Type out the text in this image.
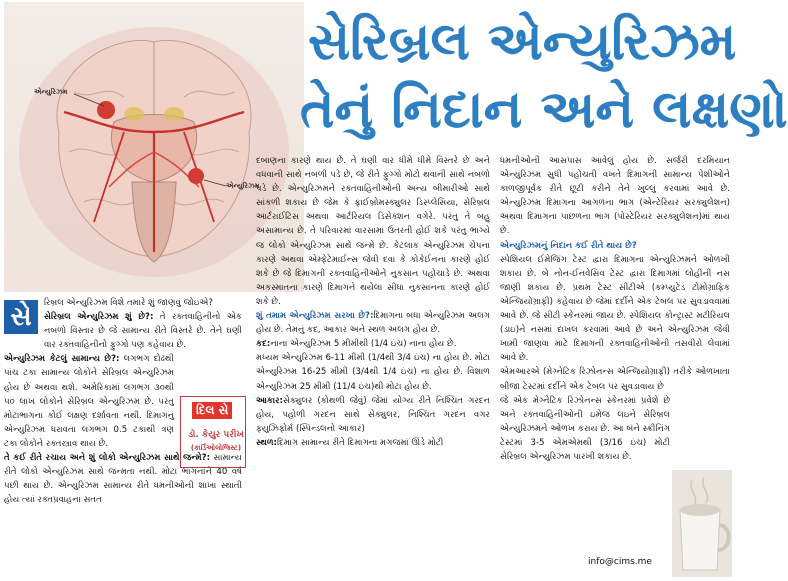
એન્યુરિઝમ
એન્યુરિઝમ
સેરિબ્રલ એન્યુરિઝમ
તેનું નિદાન અને લક્ષણો
સે	રિબ્રલ એન્યુરિઝમ વિશે તમારે શું જાણવું જોઇએ?

સેરિબ્રલ એન્યુરિઝમ શું છે?: તે રક્તવાહિનીનો એક નબળો વિસ્તાર છે જે સામાન્ય રીતે વિસ્તરે છે. તેને ઘણી વાર રક્તવાહિનીનો ફુગ્ગો પણ કહેવાય છે.

એન્યુરિઝમ કેટલું સામાન્ય છે?: લગભગ દોઢથી પાંચ ટકા સામાન્ય લોકોને સેરિબ્રલ એન્યુરિઝમ હોય છે અથવા થશે. અમેરિકામાં લગભગ ૩૦થી ૫૦ લાખ લોકોને સેરિબ્રલ એન્યુરિઝમ છે. પરંતુ મોટાભાગના કોઈ લક્ષણ દર્શાવતા નથી. દિમાગનું એન્યુરિઝમ ધરાવતા લગભગ 0.5 ટકાથી ત્રણ ટકા લોકોને રક્તસ્ત્રાવ થાય છે.

તે કઈ રીતે રચાય અને શું લોકો એન્યુરિઝમ સાથે જન્મે?: સામાન્ય રીતે લોકો એન્યુરિઝમ સાથે જન્મતા નથી. મોટા ભાગનાને 40 વર્ષ પછી થાય છે. એન્યુરિઝમ સામાન્ય રીતે ધમનીઓની શાખા સ્થાતી હોય ત્યાં રક્તપ્રવાહના સતત

દિલ સે
ડો. કેયુર પરીખ
(કાર્ડિઓલોજિસ્ટ)

દબાણના કારણે થાય છે. તે ઘણી વાર ધીમે ધીમે વિસ્તરે છે અને વધવાની સાથે નબળી પડે છે, જે રીતે ફુગ્ગો મોટો થવાની સાથે નબળો પડે છે. એન્યુરિઝમને રક્તવાહિનીઓની અન્ય બીમારીઓ સાથે સાંકળી શકાય છે જેમ કે ફાઈબ્રોમસ્ક્યુલર ડિસ્પ્લેસિયા, સેરિબ્રલ આર્ટરાઈટિસ અથવા આર્ટરિયલ ડિસેક્શન વગેરે. પરંતુ તે બહુ અસામાન્ય છે. તે પરિવારમાં વારસામાં ઉતરતી હોઈ શકે પરંતુ ભાગ્યે જ લોકો એન્યુરિઝમ સાથે જન્મે છે. કેટલાક એન્યુરિઝમ ચેપના કારણે અથવા એમ્ફેટેમાઈન્સ જેવી દવા કે કોકેઈનના કારણે હોઈ શકે છે જે દિમાગની રક્તવાહિનીઓને નુકસાન પહોંચાડે છે. અથવા અકસ્માતના કારણે દિમાગને થયેલા સીધા નુકસાનના કારણે હોઈ શકે છે.

શું તમામ એન્યુરિઝમ સરખા છે?:દિમાગના બધા એન્યુરિઝમ અલગ હોય છે. તેમનું કદ, આકાર અને સ્થળ અલગ હોય છે.

કદ:નાના એન્યુરિઝમ 5 મીમીથી (1/4 ઇંચ) નાના હોય છે.

મધ્યમ એન્યુરિઝમ 6-11 મીમી (1/4થી 3/4 ઇંચ) ના હોય છે. મોટા એન્યુરિઝમ 16-25 મીમી (3/4થી 1/4 ઇંચ) ના હોય છે. વિશાળ એન્યુરિઝમ 25 મીમી (11/4 ઇંચ)થી મોટા હોય છે.

આકાર:સેક્યુલર (કોથળી જેવું) જેમાં યોગ્ય રીતે નિશ્ચિત ગરદન હોય, પહોળી ગરદન સાથે સેક્યુલર, નિશ્ચિત ગરદન વગર ફ્યુઝિફોર્મ (સ્પિન્ડલનો આકાર)

સ્થળ:દિમાગ સામાન્ય રીતે દિમાગના મગજમાં ઊંડે મોટી

ધમનીઓની આસપાસ આવેલું હોય છે. સર્જરી દરમિયાન એન્યુરિઝમ સુધી પહોંચતી વખતે દિમાગની સામાન્ય પેશીઓને કાળજીપૂર્વક રીતે છૂટી કરીને તેને ખુલ્લું કરવામાં આવે છે. એન્યુરિઝમ દિમાગના આગળના ભાગ (એન્ટેરિયર સરક્યુલેશન) અથવા દિમાગના પાછળના ભાગ (પોસ્ટેરિયર સરક્યુલેશન)માં થાય છે.

એન્યુરિઝમનું નિદાન કઈ રીતે થાય છે?

સ્પેશિયલ ઈમેજિંગ ટેસ્ટ દ્વારા દિમાગના એન્યુરિઝમને ઓળખી શકાય છે. બે નોન-ઈનવેસિવ ટેસ્ટ દ્વારા દિમાગમાં લોહીની નસ જાણી શકાય છે. પ્રથમ ટેસ્ટ સીટીએ (કમ્પ્યુટેડ ટોમોગ્રાફિક એન્જિયોગ્રાફી) કહેવાય છે જેમાં દર્દીને એક ટેબલ પર સુવડાવવામાં આવે છે. જે સીટી સ્કેનરમાં જાય છે. સ્પેશિયલ કોન્ટ્રાસ્ટ મટીરિયલ (ડાઇ)ને નસમાં દાખલ કરવામાં આવે છે અને એન્યુરિઝમ જેવી ખામી જાણવા માટે દિમાગની રક્તવાહિનીઓની તસવીરો લેવામાં આવે છે.

એમઆરએ (મેગ્નેટિક રિઝોનન્સ એન્જિયોગ્રાફી) તરીકે ઓળખાતા બીજા ટેસ્ટમાં દર્દીને એક ટેબલ પર સુવડાવાય છે

જે એક મેગ્નેટિક રિઝોનન્સ સ્કેનરમાં પ્રવેશે છે અને રક્તવાહિનીઓની ઇમેજ લઇને સેરિબ્રલ એન્યુરિઝમને ઓળખ કરાય છે. આ બંને સ્ક્રીનિંગ ટેસ્ટમાં 3-5 એમએમથી (3/16 ઇંચ) મોટી સેરિબ્રલ એન્યુરિઝમ પારખી શકાય છે.

info@cims.me
